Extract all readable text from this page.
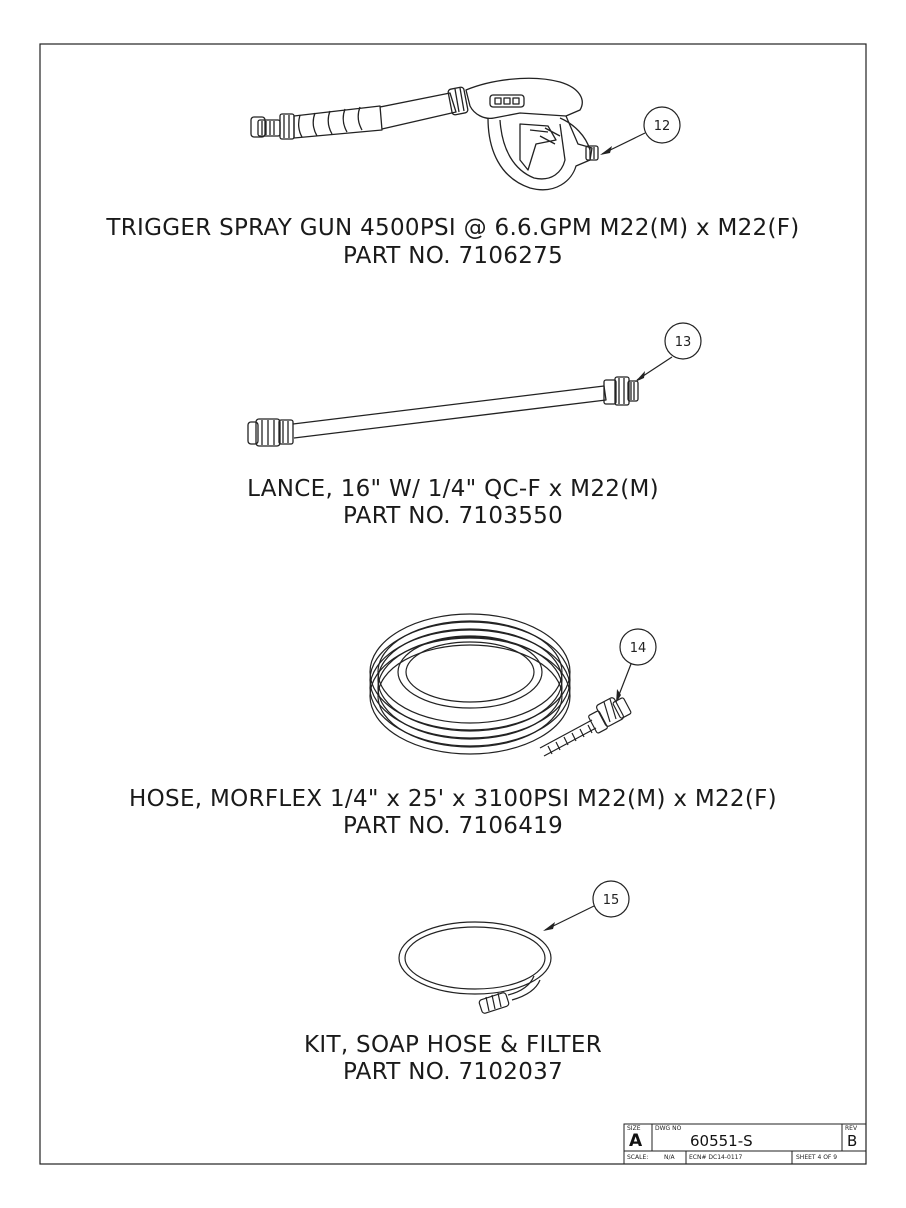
12
13
14
15
TRIGGER SPRAY GUN 4500PSI @ 6.6.GPM M22(M) x M22(F)
PART NO. 7106275
LANCE, 16" W/ 1/4" QC-F x M22(M)
PART NO. 7103550
HOSE, MORFLEX 1/4" x 25' x 3100PSI M22(M) x M22(F)
PART NO. 7106419
KIT, SOAP HOSE & FILTER
PART NO. 7102037
SIZE
A
DWG NO
60551-S
REV
B
SCALE:	N/A ECN# DC14-0117	SHEET 4 OF 9
